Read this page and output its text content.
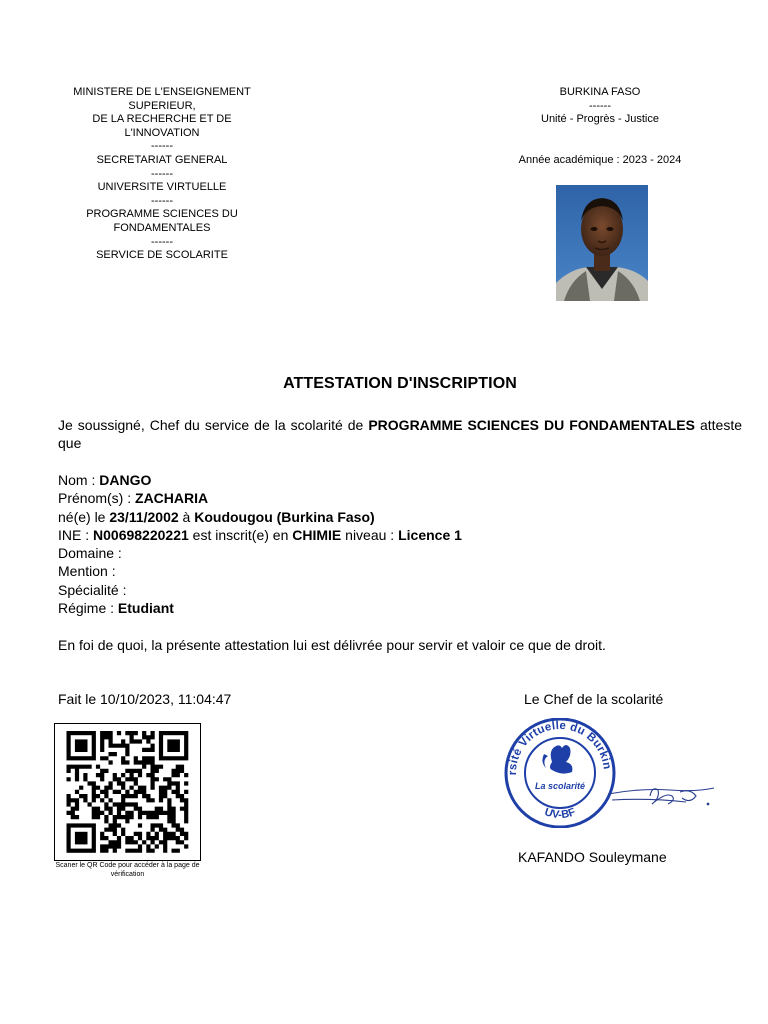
MINISTERE DE L'ENSEIGNEMENT
SUPERIEUR,
DE LA RECHERCHE ET DE
L'INNOVATION
------
SECRETARIAT GENERAL
------
UNIVERSITE VIRTUELLE
------
PROGRAMME SCIENCES DU
FONDAMENTALES
------
SERVICE DE SCOLARITE
BURKINA FASO
------
Unité - Progrès - Justice
Année académique : 2023 - 2024
ATTESTATION D'INSCRIPTION
Je soussigné, Chef du service de la scolarité de PROGRAMME SCIENCES DU FONDAMENTALES atteste que
Nom : DANGO
Prénom(s) : ZACHARIA
né(e) le 23/11/2002 à Koudougou (Burkina Faso)
INE : N00698220221 est inscrit(e) en CHIMIE niveau : Licence 1
Domaine :
Mention :
Spécialité :
Régime : Etudiant
En foi de quoi, la présente attestation lui est délivrée pour servir et valoir ce que de droit.
Fait le 10/10/2023, 11:04:47	Le Chef de la scolarité
Scaner le QR Code pour accéder à la page de vérification
rsité Virtuelle du Burkin
UV-BF
La scolarité
KAFANDO Souleymane
